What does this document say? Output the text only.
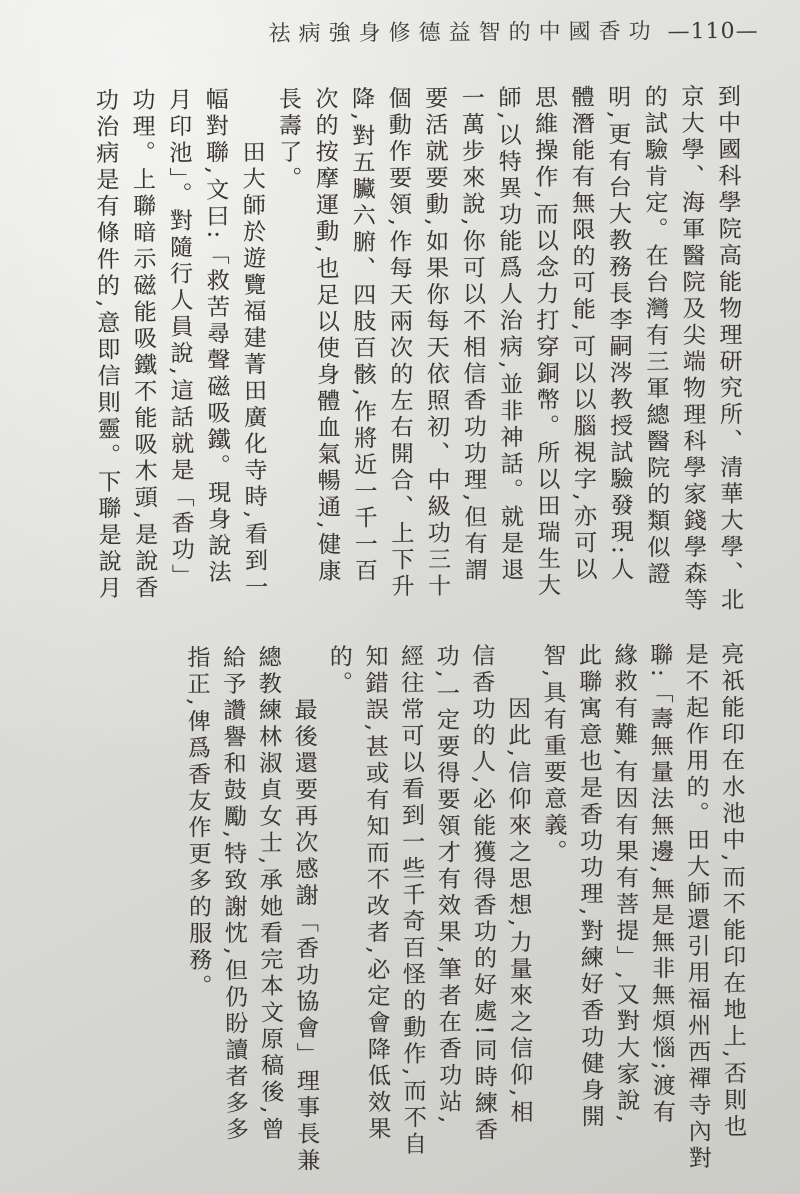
祛病強身修德益智的中國香功 —110—
到中國科學院高能物理研究所、清華大學、北
京大學、海軍醫院及尖端物理科學家錢學森等
的試驗肯定。在台灣有三軍總醫院的類似證
明,更有台大教務長李嗣涔教授試驗發現:人
體潛能有無限的可能,可以以腦視字,亦可以
思維操作,而以念力打穿銅幣。所以田瑞生大
師,以特異功能爲人治病,並非神話。就是退
一萬步來說,你可以不相信香功功理,但有謂
要活就要動,如果你每天依照初、中級功三十
個動作要領,作每天兩次的左右開合、上下升
降,對五臟六腑、四肢百骸,作將近一千一百
次的按摩運動,也足以使身體血氣暢通,健康
長壽了。
　　田大師於遊覽福建菁田廣化寺時,看到一
幅對聯,文曰:「救苦尋聲磁吸鐵。現身說法
月印池」。對隨行人員說,這話就是「香功」
功理。上聯暗示磁能吸鐵不能吸木頭,是說香
功治病是有條件的,意即信則靈。下聯是說月
亮祇能印在水池中,而不能印在地上,否則也
是不起作用的。田大師還引用福州西禪寺內對
聯:「壽無量法無邊,無是無非無煩惱;渡有
緣救有難,有因有果有菩提」,又對大家說,
此聯寓意也是香功功理,對練好香功健身開
智,具有重要意義。
　　因此,信仰來之思想,力量來之信仰,相
信香功的人,必能獲得香功的好處!同時練香
功,一定要得要領才有效果,筆者在香功站,
經往常可以看到一些千奇百怪的動作,而不自
知錯誤,甚或有知而不改者,必定會降低效果
的。
　　最後還要再次感謝「香功協會」理事長兼
總教練林淑貞女士,承她看完本文原稿後,曾
給予讚譽和鼓勵,特致謝忱,但仍盼讀者多多
指正,俾爲香友作更多的服務。
